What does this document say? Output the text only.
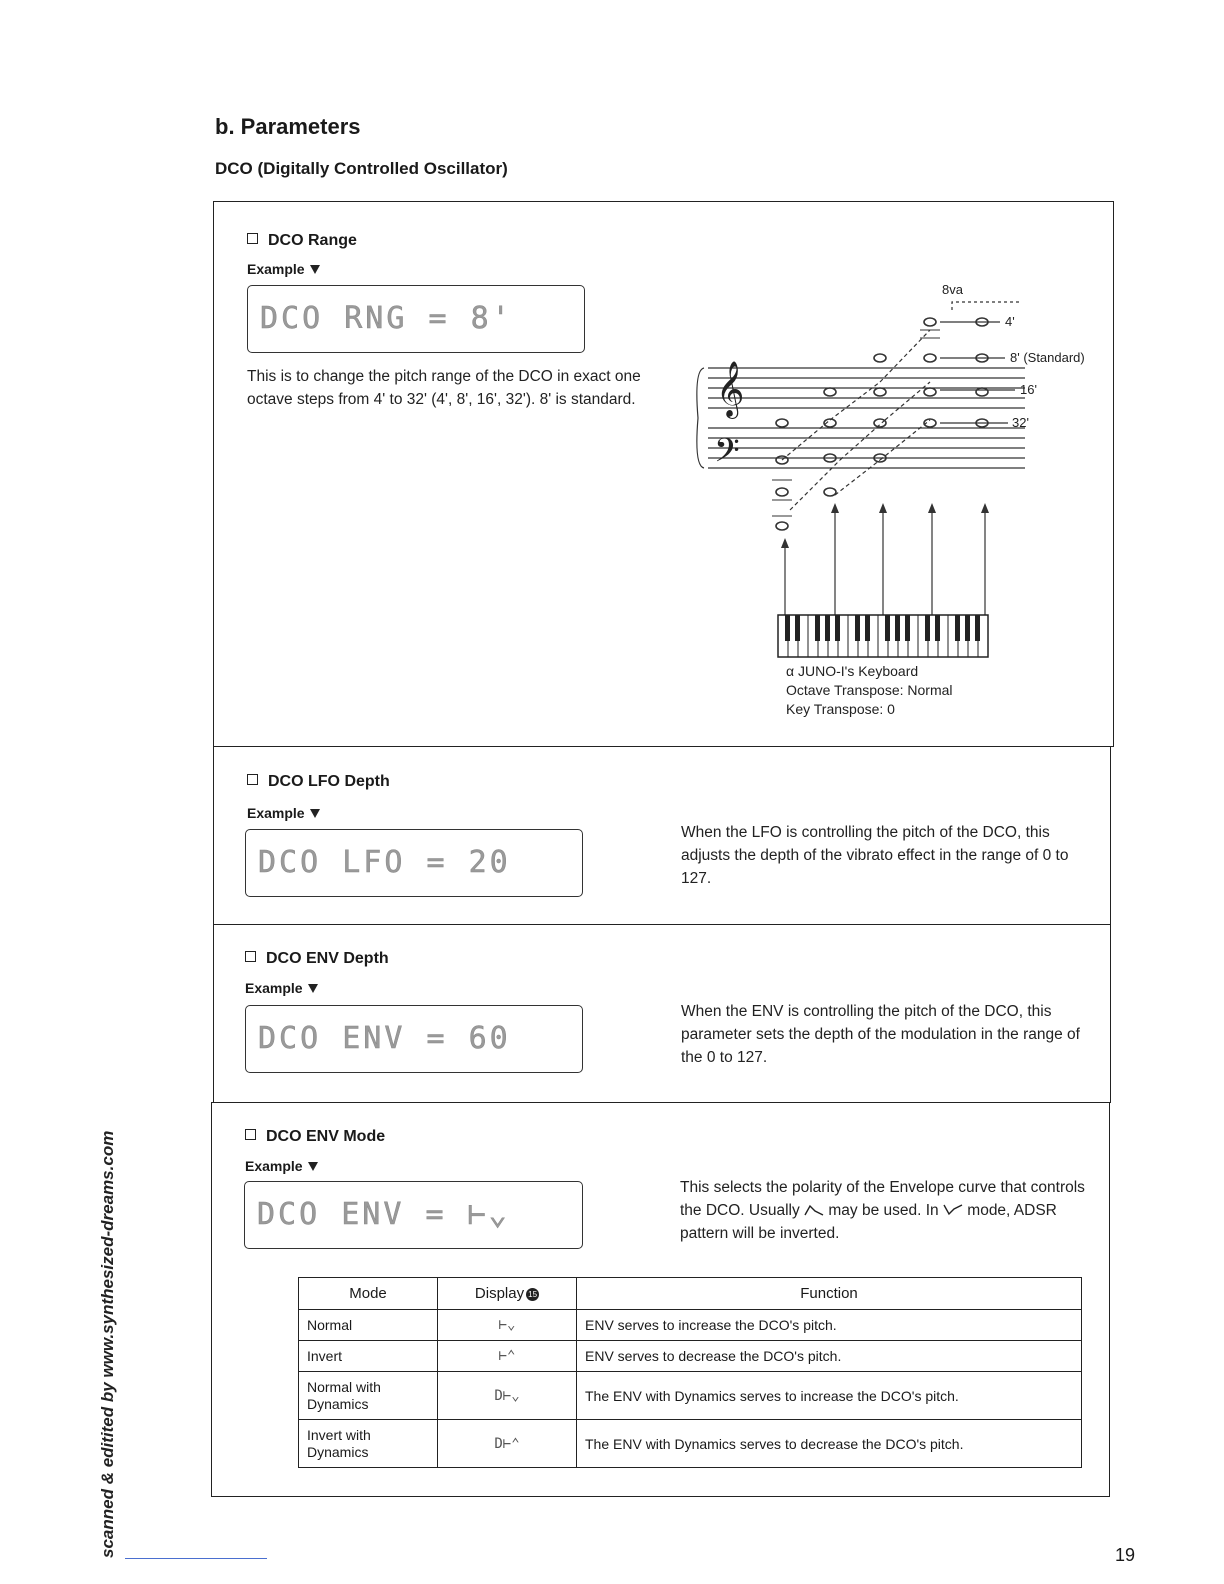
b. Parameters
DCO (Digitally Controlled Oscillator)
DCO Range
Example
DCO RNG = 8'
This is to change the pitch range of the DCO in exact one octave steps from 4' to 32' (4', 8', 16', 32'). 8' is standard.	𝄞
𝄢
8va
4'
8' (Standard)
16'
32'
α JUNO-I's Keyboard
Octave Transpose: Normal
Key Transpose: 0
DCO LFO Depth
Example
DCO LFO = 20
When the LFO is controlling the pitch of the DCO, this adjusts the depth of the vibrato effect in the range of 0 to 127.
DCO ENV Depth
Example
DCO ENV = 60
When the ENV is controlling the pitch of the DCO, this parameter sets the depth of the modulation in the range of the 0 to 127.
DCO ENV Mode
Example
DCO ENV = ⊢⌄
This selects the polarity of the Envelope curve that controls the DCO. Usually may be used. In mode, ADSR pattern will be inverted.
Mode	Display 15	Function
Normal	⊢⌄	ENV serves to increase the DCO's pitch.
Invert	⊢⌃	ENV serves to decrease the DCO's pitch.
Normal with Dynamics	D⊢⌄	The ENV with Dynamics serves to increase the DCO's pitch.
Invert with Dynamics	D⊢⌃	The ENV with Dynamics serves to decrease the DCO's pitch.
scanned & editited by www.synthesized-dreams.com	19
